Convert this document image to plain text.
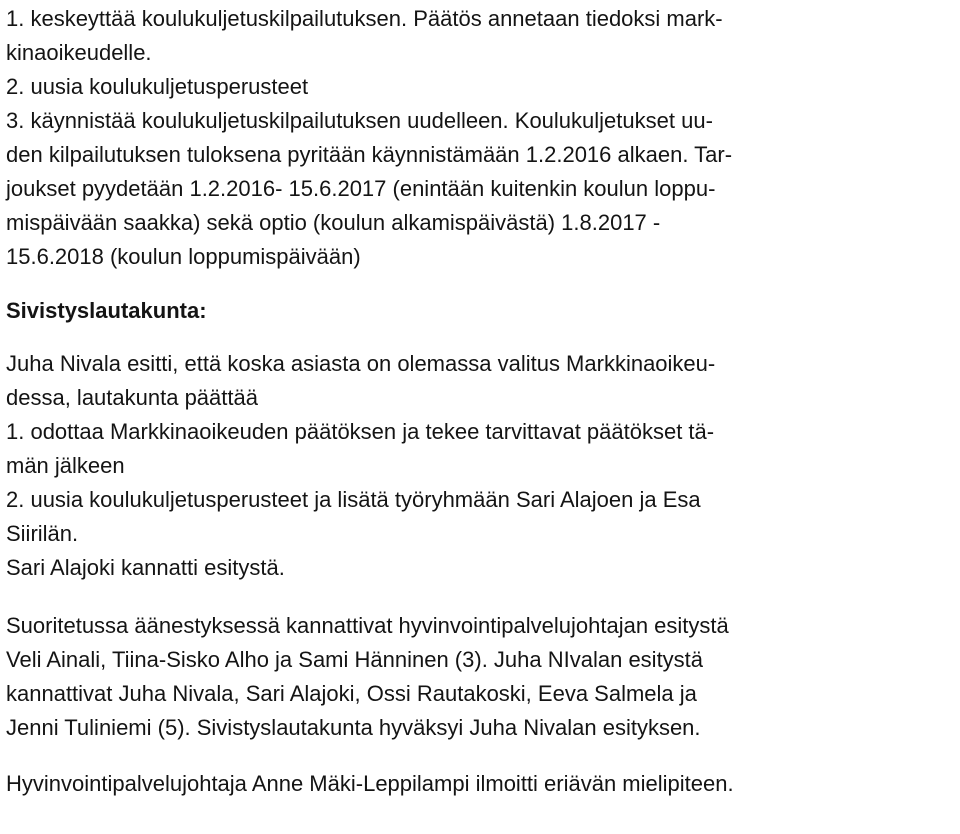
1. keskeyttää koulukuljetuskilpailutuksen. Päätös annetaan tiedoksi mark-
kinaoikeudelle.
2. uusia koulukuljetusperusteet
3. käynnistää koulukuljetuskilpailutuksen uudelleen. Koulukuljetukset uu-
den kilpailutuksen tuloksena pyritään käynnistämään 1.2.2016 alkaen. Tar-
joukset pyydetään 1.2.2016- 15.6.2017 (enintään kuitenkin koulun loppu-
mispäivään saakka) sekä optio (koulun alkamispäivästä) 1.8.2017 -
15.6.2018 (koulun loppumispäivään)
Sivistyslautakunta:
Juha Nivala esitti, että koska asiasta on olemassa valitus Markkinaoikeu-
dessa, lautakunta päättää
1. odottaa Markkinaoikeuden päätöksen ja tekee tarvittavat päätökset tä-
män jälkeen
2. uusia koulukuljetusperusteet ja lisätä työryhmään Sari Alajoen ja Esa
Siirilän.
Sari Alajoki kannatti esitystä.
Suoritetussa äänestyksessä kannattivat hyvinvointipalvelujohtajan esitystä
Veli Ainali, Tiina-Sisko Alho ja Sami Hänninen (3). Juha NIvalan esitystä
kannattivat Juha Nivala, Sari Alajoki, Ossi Rautakoski, Eeva Salmela ja
Jenni Tuliniemi (5). Sivistyslautakunta hyväksyi Juha Nivalan esityksen.
Hyvinvointipalvelujohtaja Anne Mäki-Leppilampi ilmoitti eriävän mielipiteen.
